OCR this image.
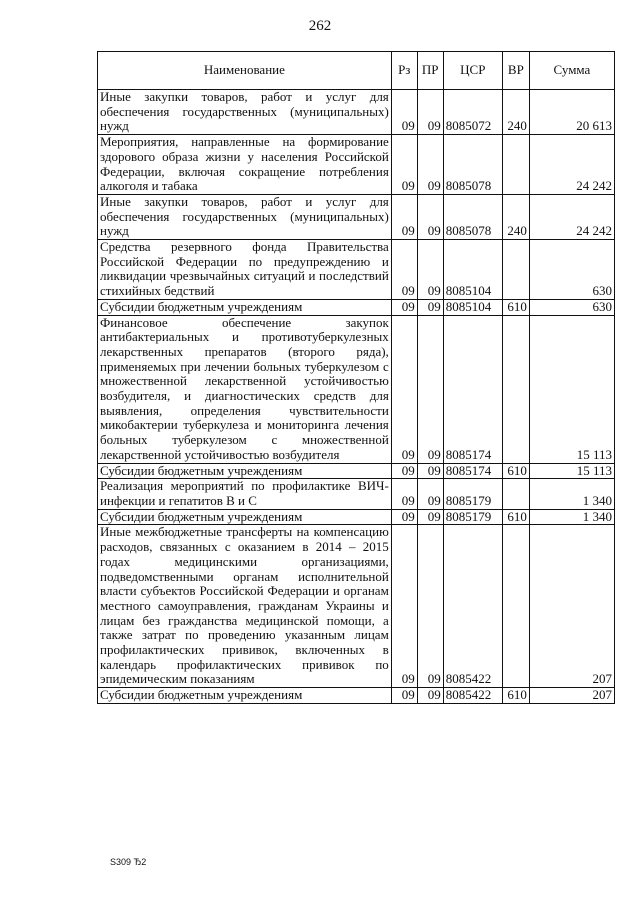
262
Наименование	Рз	ПР	ЦСР	ВР	Сумма
Иные закупки товаров, работ и услуг для обеспечения государственных (муниципальных) нужд	09	09	8085072	240	20 613
Мероприятия, направленные на формирование здорового образа жизни у населения Российской Федерации, включая сокращение потребления алкоголя и табака	09	09	8085078		24 242
Иные закупки товаров, работ и услуг для обеспечения государственных (муниципальных) нужд	09	09	8085078	240	24 242
Средства резервного фонда Правительства Российской Федерации по предупреждению и ликвидации чрезвычайных ситуаций и последствий стихийных бедствий	09	09	8085104		630
Субсидии бюджетным учреждениям	09	09	8085104	610	630
Финансовое обеспечение закупок антибактериальных и противотуберкулезных лекарственных препаратов (второго ряда), применяемых при лечении больных туберкулезом с множественной лекарственной устойчивостью возбудителя, и диагностических средств для выявления, определения чувствительности микобактерии туберкулеза и мониторинга лечения больных туберкулезом с множественной лекарственной устойчивостью возбудителя	09	09	8085174		15 113
Субсидии бюджетным учреждениям	09	09	8085174	610	15 113
Реализация мероприятий по профилактике ВИЧ-инфекции и гепатитов В и С	09	09	8085179		1 340
Субсидии бюджетным учреждениям	09	09	8085179	610	1 340
Иные межбюджетные трансферты на компенсацию расходов, связанных с оказанием в 2014 – 2015 годах медицинскими организациями, подведомственными органам исполнительной власти субъектов Российской Федерации и органам местного самоуправления, гражданам Украины и лицам без гражданства медицинской помощи, а также затрат по проведению указанным лицам профилактических прививок, включенных в календарь профилактических прививок по эпидемическим показаниям	09	09	8085422		207
Субсидии бюджетным учреждениям	09	09	8085422	610	207
Ѕ309 Ђ2
